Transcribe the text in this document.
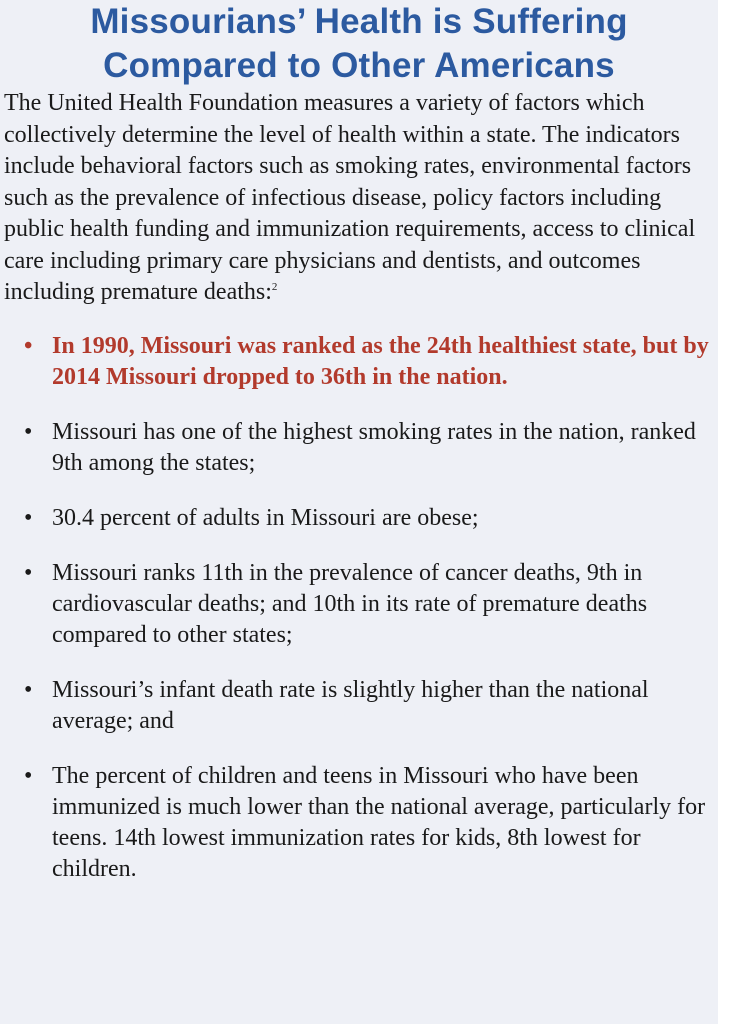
Missourians’ Health is Suffering
Compared to Other Americans

The United Health Foundation measures a variety of factors which collectively determine the level of health within a state. The indicators include behavioral factors such as smoking rates, environmental factors such as the prevalence of infectious disease, policy factors including public health funding and immunization requirements, access to clinical care including primary care physicians and dentists, and outcomes including premature deaths:$^2$

• In 1990, Missouri was ranked as the 24th healthiest state, but by 2014 Missouri dropped to 36th in the nation.
• Missouri has one of the highest smoking rates in the nation, ranked 9th among the states;
• 30.4 percent of adults in Missouri are obese;
• Missouri ranks 11th in the prevalence of cancer deaths, 9th in cardiovascular deaths; and 10th in its rate of premature deaths compared to other states;
• Missouri’s infant death rate is slightly higher than the national average; and
• The percent of children and teens in Missouri who have been immunized is much lower than the national average, particularly for teens. 14th lowest immunization rates for kids, 8th lowest for children.
